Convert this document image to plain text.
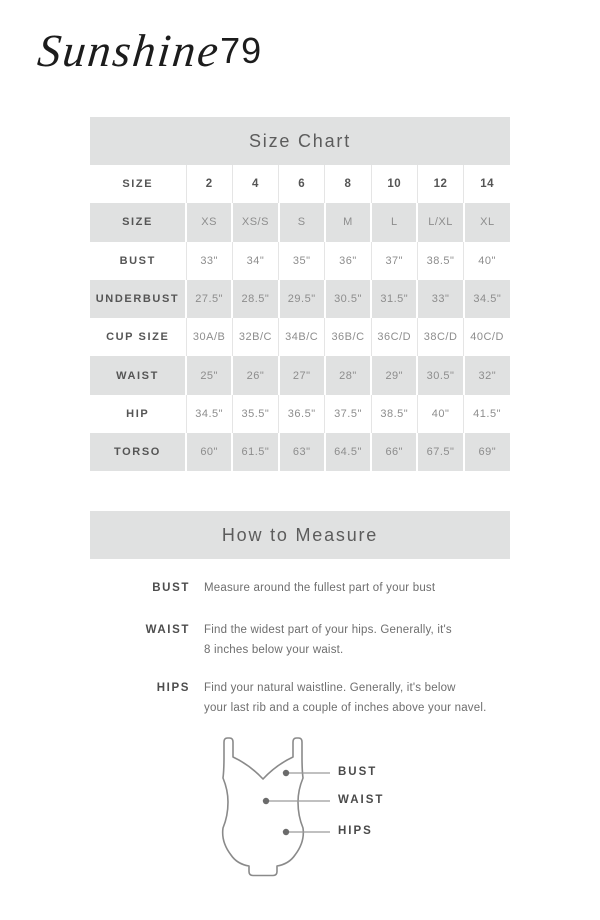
Sunshine79
Size Chart
SIZE	2	4	6	8	10	12	14
SIZE	XS	XS/S	S	M	L	L/XL	XL
BUST	33"	34"	35"	36"	37"	38.5"	40"
UNDERBUST	27.5"	28.5"	29.5"	30.5"	31.5"	33"	34.5"
CUP SIZE	30A/B	32B/C	34B/C	36B/C	36C/D	38C/D	40C/D
WAIST	25"	26"	27"	28"	29"	30.5"	32"
HIP	34.5"	35.5"	36.5"	37.5"	38.5"	40"	41.5"
TORSO	60"	61.5"	63"	64.5"	66"	67.5"	69"
How to Measure
BUST Measure around the fullest part of your bust
WAIST Find the widest part of your hips. Generally, it's
8 inches below your waist.
HIPS Find your natural waistline. Generally, it's below
your last rib and a couple of inches above your navel.
BUST
WAIST
HIPS
